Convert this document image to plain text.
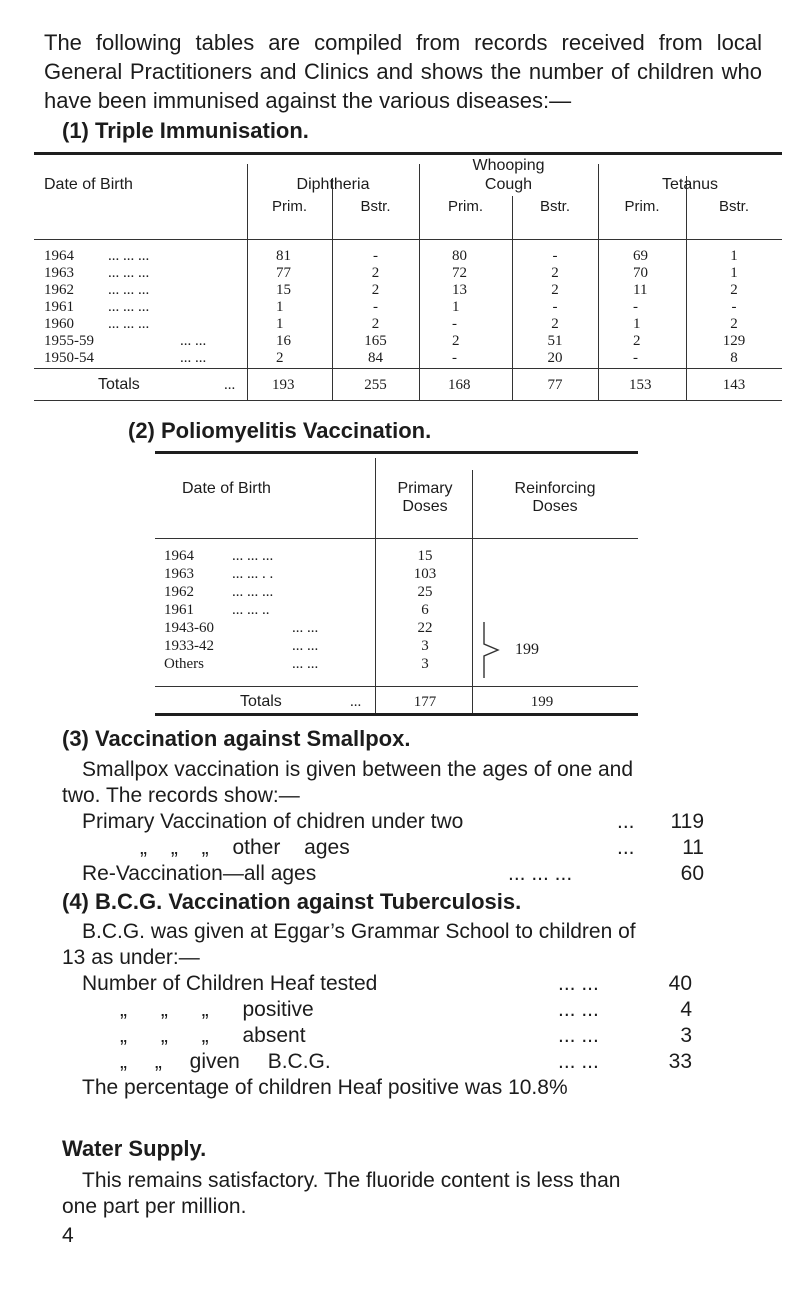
The following tables are compiled from records received from local General Practitioners and Clinics and shows the number of children who have been immunised against the various diseases:—
(1) Triple Immunisation.
Date of Birth	Diphtheria
Whooping
Cough	Tetanus
Prim.	Bstr.	Prim.	Bstr.	Prim.	Bstr.
1964 ... ... ...	81	-	80	-	69	1
1963 ... ... ...	77	2	72	2	70	1
1962 ... ... ...	15	2	13	2	11	2
1961 ... ... ...	1	-	1	-	-	-
1960 ... ... ...	1	2	-	2	1	2
1955-59	... ...	16	165	2	51	2	129
1950-54	... ...	2	84	-	20	-	8
Totals	... 193	255	168	77	153	143
(2) Poliomyelitis Vaccination.
Date of Birth	Primary
Doses
Reinforcing
Doses
1964	... ... ...	15
1963	... ... . .	103
1962	... ... ...	25
1961	... ... ..	6
1943-60	... ...	22
1933-42	... ...	3
Others	... ...	3
199
Totals	...	177	199
(3) Vaccination against Smallpox.
Smallpox vaccination is given between the ages of one and
two. The records show:—
Primary Vaccination of chidren under two	...	119
„ „ „ other ages	...	11
Re-Vaccination—all ages	... ... ...	60
(4) B.C.G. Vaccination against Tuberculosis.
B.C.G. was given at Eggar’s Grammar School to children of
13 as under:—
Number of Children Heaf tested	... ...	40
„ „ „ positive	... ...	4
„ „ „ absent	... ...	3
„ „ given B.C.G.	... ...	33
The percentage of children Heaf positive was 10.8%
Water Supply.
This remains satisfactory. The fluoride content is less than
one part per million.
4
